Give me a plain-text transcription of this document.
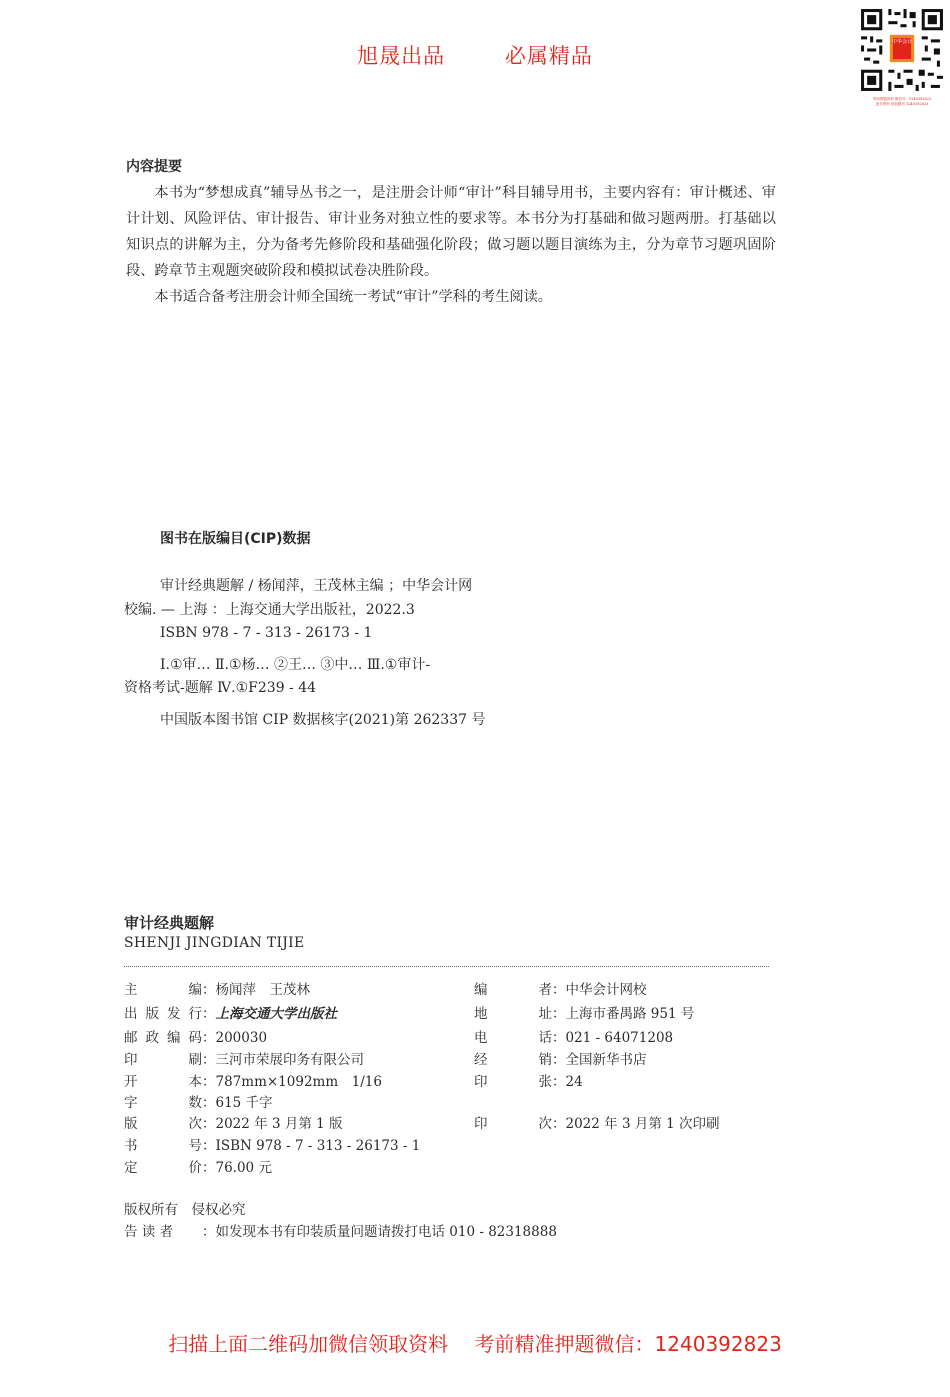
旭晟出品	必属精品
中华会计
考前押题资料 微信号：1240392823
更多资料 请加微信 1240392823
内容提要

本书为“梦想成真”辅导丛书之一，是注册会计师“审计”科目辅导用书，主要内容有：审计概述、审计计划、风险评估、审计报告、审计业务对独立性的要求等。本书分为打基础和做习题两册。打基础以知识点的讲解为主，分为备考先修阶段和基础强化阶段；做习题以题目演练为主，分为章节习题巩固阶段、跨章节主观题突破阶段和模拟试卷决胜阶段。

本书适合备考注册会计师全国统一考试“审计”学科的考生阅读。

图书在版编目(CIP)数据
审计经典题解 / 杨闻萍，王茂林主编 ；中华会计网
校编. — 上海 ：上海交通大学出版社，2022.3
ISBN 978 - 7 - 313 - 26173 - 1
Ⅰ.①审… Ⅱ.①杨… ②王… ③中… Ⅲ.①审计-
资格考试-题解 Ⅳ.①F239 - 44
中国版本图书馆 CIP 数据核字(2021)第 262337 号
审计经典题解
SHENJI JINGDIAN TIJIE
主　编：杨闻萍　王茂林
出版发行：上海交通大学出版社
邮政编码：200030
印　刷：三河市荣展印务有限公司
开　本：787mm×1092mm　1/16
字　数：615 千字
版　次：2022 年 3 月第 1 版
书　号：ISBN 978 - 7 - 313 - 26173 - 1
定　价：76.00 元
编　者：中华会计网校
地　址：上海市番禺路 951 号
电　话：021 - 64071208
经　销：全国新华书店
印　张：24
印　次：2022 年 3 月第 1 次印刷
版权所有　侵权必究
告 读 者 ：如发现本书有印装质量问题请拨打电话 010 - 82318888
扫描上面二维码加微信领取资料　 考前精准押题微信：1240392823
